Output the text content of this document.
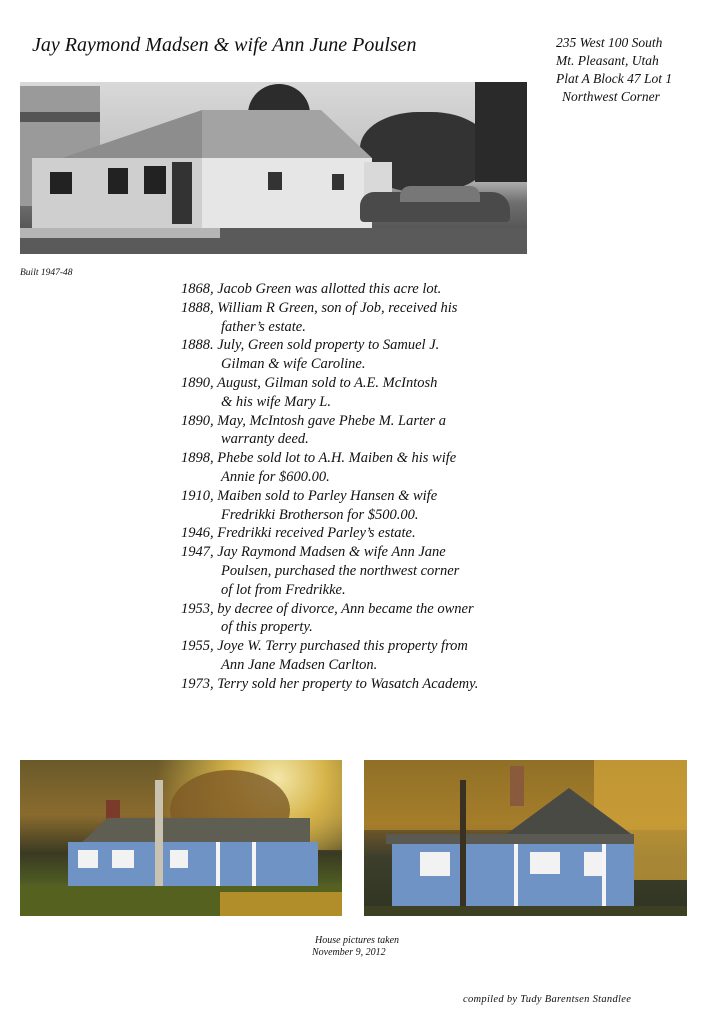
Jay Raymond Madsen & wife Ann June Poulsen	235 West 100 South
Mt. Pleasant, Utah
Plat A Block 47 Lot 1
Northwest Corner
Built 1947-48
1868, Jacob Green was allotted this acre lot.
1888, William R Green, son of Job, received his
father’s estate.
1888. July, Green sold property to Samuel J.
Gilman & wife Caroline.
1890, August, Gilman sold to A.E. McIntosh
& his wife Mary L.
1890, May, McIntosh gave Phebe M. Larter a
warranty deed.
1898, Phebe sold lot to A.H. Maiben & his wife
Annie for $600.00.
1910, Maiben sold to Parley Hansen & wife
Fredrikki Brotherson for $500.00.
1946, Fredrikki received Parley’s estate.
1947, Jay Raymond Madsen & wife Ann Jane
Poulsen, purchased the northwest corner
of lot from Fredrikke.
1953, by decree of divorce, Ann became the owner
of this property.
1955, Joye W. Terry purchased this property from
Ann Jane Madsen Carlton.
1973, Terry sold her property to Wasatch Academy.
House pictures taken
November 9, 2012
compiled by Tudy Barentsen Standlee
